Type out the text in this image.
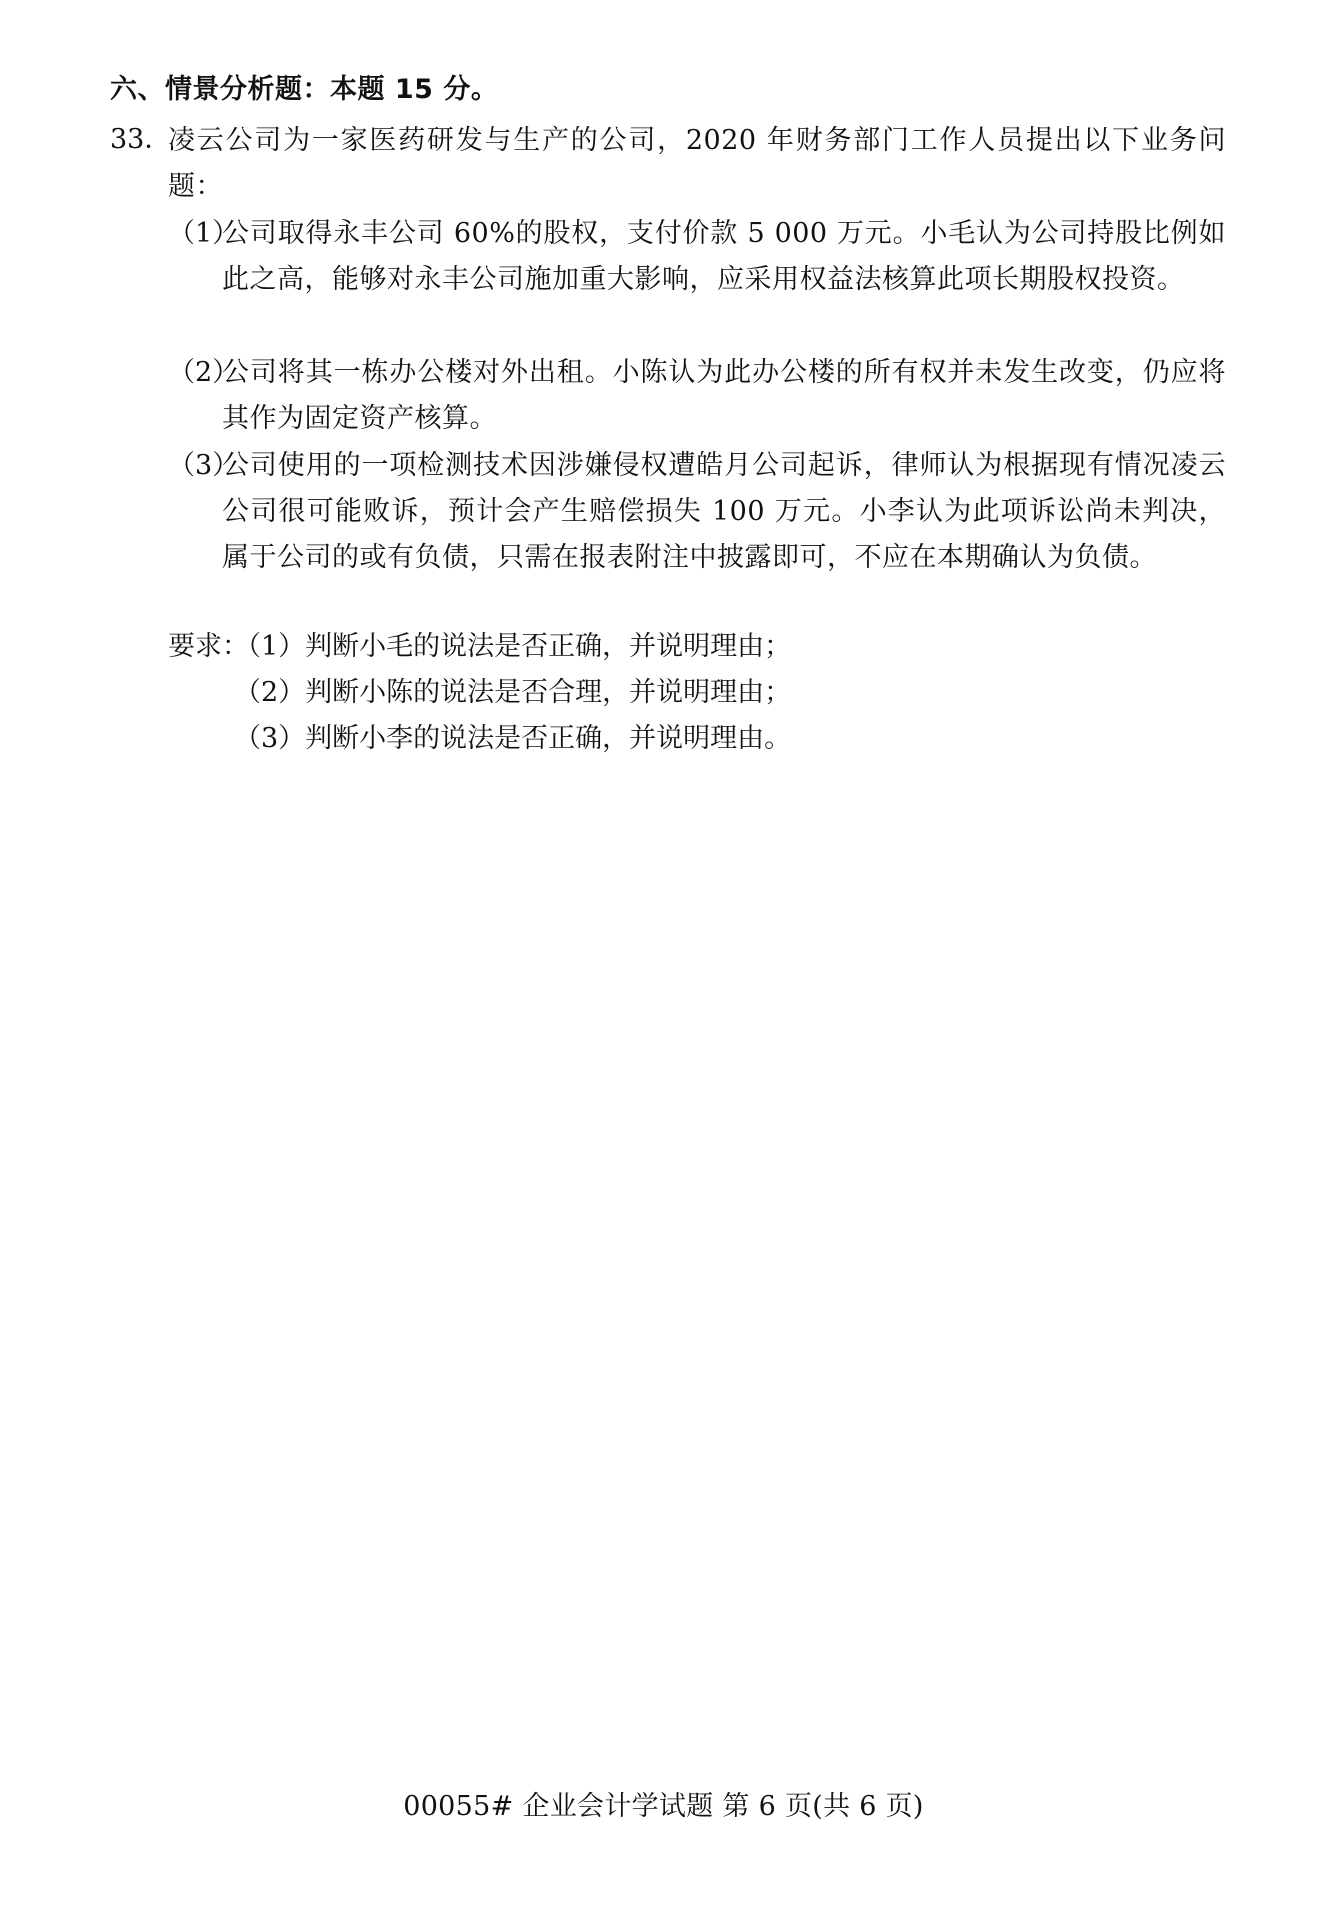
六、情景分析题：本题 15 分。
33．
凌云公司为一家医药研发与生产的公司，2020 年财务部门工作人员提出以下业务问题：
（1）
公司取得永丰公司 60%的股权，支付价款 5 000 万元。小毛认为公司持股比例如此之高，能够对永丰公司施加重大影响，应采用权益法核算此项长期股权投资。
（2）
公司将其一栋办公楼对外出租。小陈认为此办公楼的所有权并未发生改变，仍应将其作为固定资产核算。
（3）
公司使用的一项检测技术因涉嫌侵权遭皓月公司起诉，律师认为根据现有情况凌云公司很可能败诉，预计会产生赔偿损失 100 万元。小李认为此项诉讼尚未判决，属于公司的或有负债，只需在报表附注中披露即可，不应在本期确认为负债。
要求：
（1）判断小毛的说法是否正确，并说明理由；
（2）判断小陈的说法是否合理，并说明理由；
（3）判断小李的说法是否正确，并说明理由。
00055# 企业会计学试题 第 6 页(共 6 页)
